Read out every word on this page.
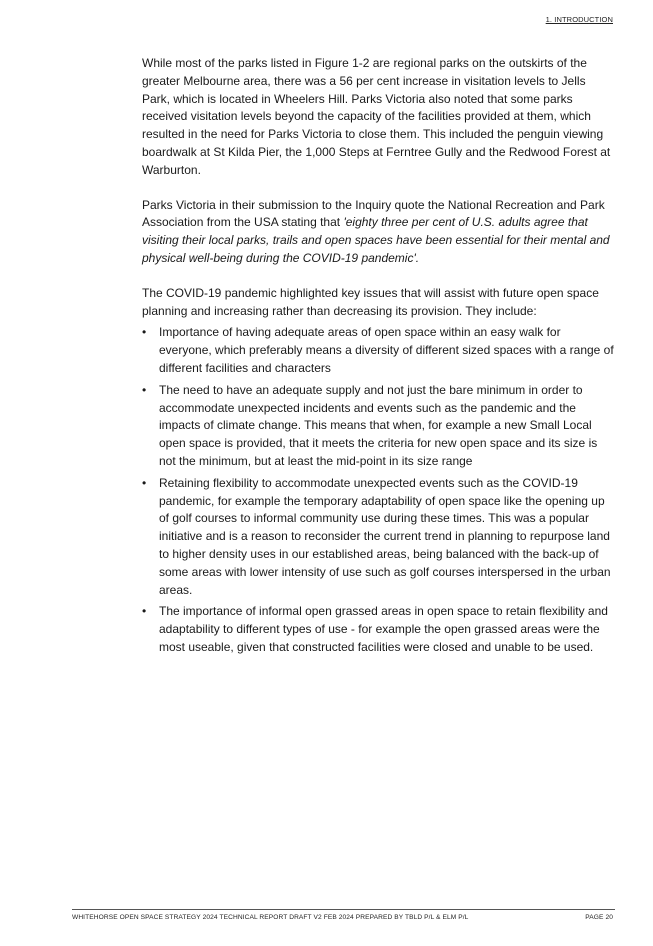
1. INTRODUCTION

While most of the parks listed in Figure 1-2 are regional parks on the outskirts of the greater Melbourne area, there was a 56 per cent increase in visitation levels to Jells Park, which is located in Wheelers Hill. Parks Victoria also noted that some parks received visitation levels beyond the capacity of the facilities provided at them, which resulted in the need for Parks Victoria to close them. This included the penguin viewing boardwalk at St Kilda Pier, the 1,000 Steps at Ferntree Gully and the Redwood Forest at Warburton.

Parks Victoria in their submission to the Inquiry quote the National Recreation and Park Association from the USA stating that 'eighty three per cent of U.S. adults agree that visiting their local parks, trails and open spaces have been essential for their mental and physical well-being during the COVID-19 pandemic'.

The COVID-19 pandemic highlighted key issues that will assist with future open space planning and increasing rather than decreasing its provision. They include:

• Importance of having adequate areas of open space within an easy walk for everyone, which preferably means a diversity of different sized spaces with a range of different facilities and characters
• The need to have an adequate supply and not just the bare minimum in order to accommodate unexpected incidents and events such as the pandemic and the impacts of climate change. This means that when, for example a new Small Local open space is provided, that it meets the criteria for new open space and its size is not the minimum, but at least the mid-point in its size range
• Retaining flexibility to accommodate unexpected events such as the COVID-19 pandemic, for example the temporary adaptability of open space like the opening up of golf courses to informal community use during these times. This was a popular initiative and is a reason to reconsider the current trend in planning to repurpose land to higher density uses in our established areas, being balanced with the back-up of some areas with lower intensity of use such as golf courses interspersed in the urban areas.
• The importance of informal open grassed areas in open space to retain flexibility and adaptability to different types of use - for example the open grassed areas were the most useable, given that constructed facilities were closed and unable to be used.
WHITEHORSE OPEN SPACE STRATEGY 2024 TECHNICAL REPORT DRAFT V2 FEB 2024 PREPARED BY TBLD P/L & ELM P/L	PAGE 20
